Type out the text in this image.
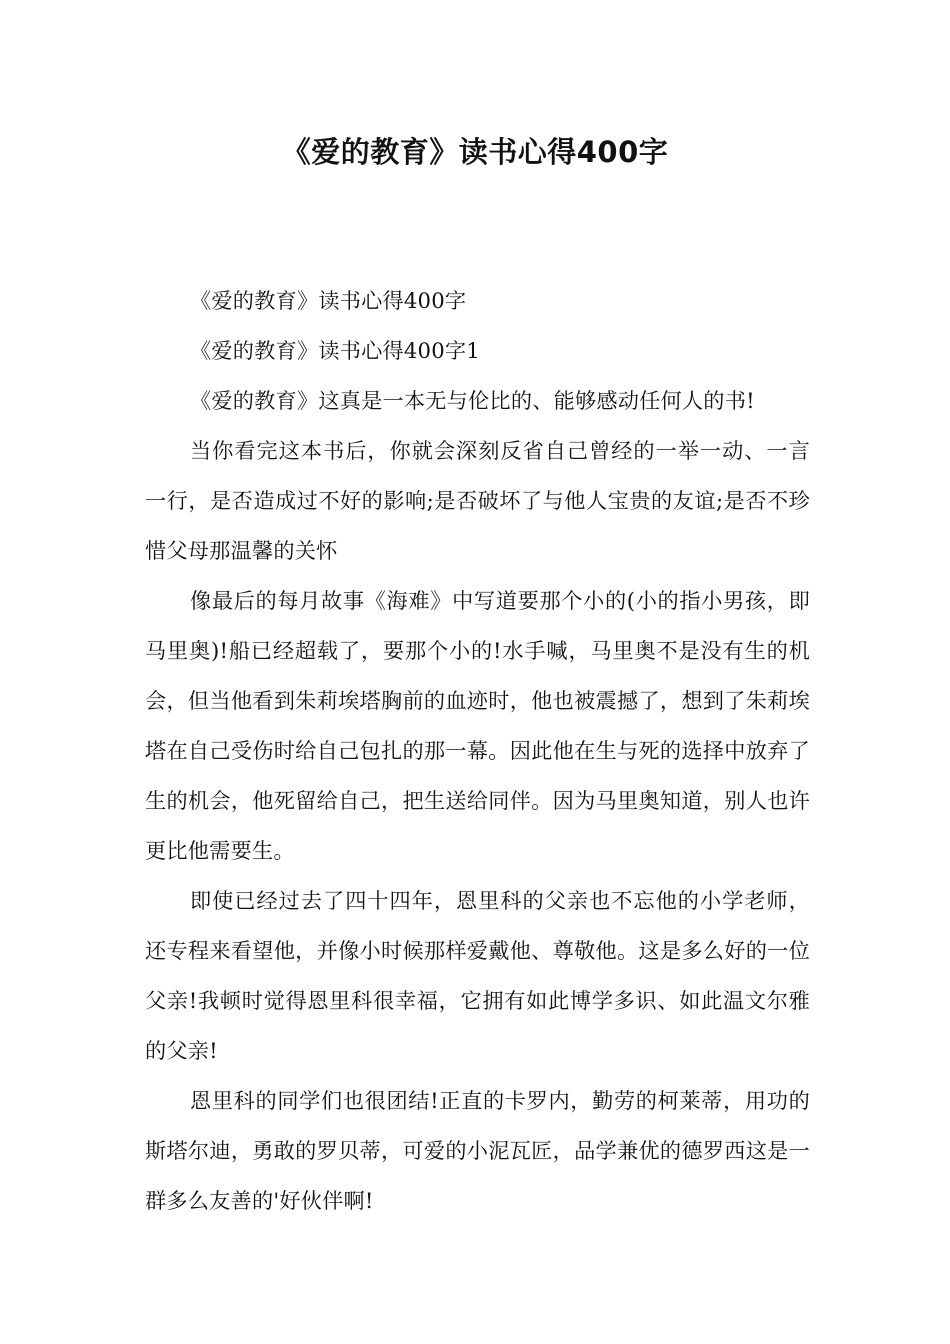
《爱的教育》读书心得400字

《爱的教育》读书心得400字

《爱的教育》读书心得400字1

《爱的教育》这真是一本无与伦比的、能够感动任何人的书!

当你看完这本书后，你就会深刻反省自己曾经的一举一动、一言一行，是否造成过不好的影响;是否破坏了与他人宝贵的友谊;是否不珍惜父母那温馨的关怀

像最后的每月故事《海难》中写道要那个小的(小的指小男孩，即马里奥)!船已经超载了，要那个小的!水手喊，马里奥不是没有生的机会，但当他看到朱莉埃塔胸前的血迹时，他也被震撼了，想到了朱莉埃塔在自己受伤时给自己包扎的那一幕。因此他在生与死的选择中放弃了生的机会，他死留给自己，把生送给同伴。因为马里奥知道，别人也许更比他需要生。

即使已经过去了四十四年，恩里科的父亲也不忘他的小学老师，还专程来看望他，并像小时候那样爱戴他、尊敬他。这是多么好的一位父亲!我顿时觉得恩里科很幸福，它拥有如此博学多识、如此温文尔雅的父亲!

恩里科的同学们也很团结!正直的卡罗内，勤劳的柯莱蒂，用功的斯塔尔迪，勇敢的罗贝蒂，可爱的小泥瓦匠，品学兼优的德罗西这是一群多么友善的'好伙伴啊!
